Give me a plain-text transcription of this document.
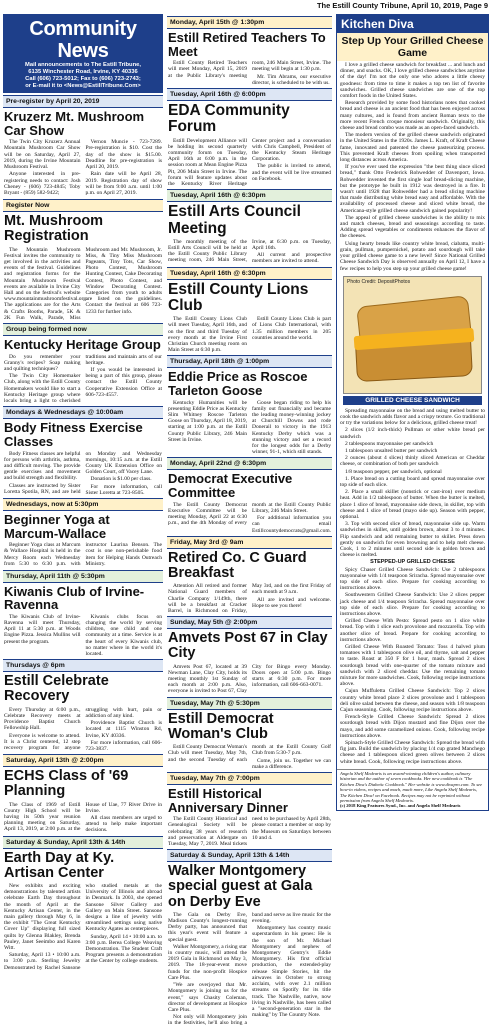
The Estill County Tribune, April 10, 2019, Page 9
Community News

Mail announcements to The Estill Tribune,

6135 Winchester Road, Irvine, KY 40336

Call (606) 723-5012; Fax to (606) 723-2743;

or E-mail it to <News@EstillTribune.Com>

Pre-register by April 20, 2019
Kruzerz Mt. Mushroom Car Show

The Twin City Kruzerz Annual Mountain Mushroom Car Show will be on Saturday, April 27, 2019, during the Irvine Mountain Mushroom Festival.

Anyone interested in pre-registering needs to contact: Josh Cheney - (606) 723-4845; Toby Bryant - (859) 582-9422;

Vernon Muncie - 723-7289. Pre-registration is $10. Cost the day of the show is $15.00. Deadline for pre-registration is April 20, 2019.

Rain date will be April 28, 2019. Registration day of show will be from 9:00 a.m. until 1:00 p.m. on April 27, 2019.

Register Now
Mt. Mushroom Registration

The Mountain Mushroom Festival invites the community to get involved in the activities and events of the festival. Guidelines and registration forms for the Mountain Mushroom Festival events are available in Irvine City Hall and on the festival's website www.mountainmushroomfestival.org. The applications are for the Arts & Crafts Booths, Parade, 5K & 2K Fun Walk, Parade, Miss Mushroom and Mr. Mushroom, Jr. Miss, & Tiny Miss Mushroom Pageants, Tiny Tots, Car Show, Photo Contest, Mushroom Hunting Contest, Cake Decorating Contest, Photo Contest, and Window Decorating Contest. Categories from youth to adults are listed on the guidelines. Contact the festival at 606 723-1233 for further info.

Group being formed now
Kentucky Heritage Group

Do you remember your Granny's recipes? Soap making and quilting techniques?

The Twin City Homemaker Club, along with the Estill County Homemakers would like to start a Kentucky Heritage group where locals bring a light to cherished traditions and maintain arts of our heritage.

If you would be interested in being a part of this group, please contact the Estill County Cooperative Extension Office at 606-723-4557.

Mondays & Wednesdays @ 10:00am
Body Fitness Exercise Classes

Body Fitness classes are helpful for persons with arthritis, asthma, and difficult moving. The provide gentle exercises and movement and build strength and flexibility.

Classes are instructed by Sister Loretta Spotila, RN, and are held on Monday and Wednesday mornings, 10:15 a.m. at the Estill County UK Extension Office on Golden Court, off Vacey Lane.

Donation is $1.00 per class.

For more information, call Sister Loretta at 723-8505.

Wednesdays, now at 5:30pm
Beginner Yoga at Marcum-Wallace

Beginner Yoga class at Marcum & Wallace Hospital is held in the Mercy Room each Wednesday from 5:30 to 6:30 p.m. with instructor Laurina Benson. The cost is one non-perishable food item for Helping Hands Outreach Ministry.

Thursday, April 11th @ 5:30pm
Kiwanis Club of Irvine-Ravenna

The Kiwanis Club of Irvine-Ravenna will meet Thursday, April 11 at 5:30 p.m. at Woods Engine Pizza. Jessica Mullins will present the program.

Kiwanis clubs focus on changing the world by serving children, one child and one community at a time. Service is at the heart of every Kiwanis club, no matter where in the world it's located.

Thursdays @ 6pm
Estill Celebrate Recovery

Every Thursday at 6:00 p.m., Celebrate Recovery meets at Providence Baptist Church Fellowship Hall.

Everyone is welcome to attend. It is a Christ centered, 12 step recovery program for anyone struggling with hurt, pain or addiction of any kind.

Providence Baptist Church is located at 1115 Winston Rd, Irvine, KY 40336.

For more information, call 606-723-3837.

Saturday, April 13th @ 2:00pm
ECHS Class of '69 Planning

The Class of 1969 of Estill County High School will be having its 50th year reunion planning meeting on Saturday, April 13, 2019, at 2:00 p.m. at the House of Uae, 77 River Drive in Irvine.

All class members are urged to attend to help make important decisions.

Saturday & Sunday, April 13th & 14th
Earth Day at Ky. Artisan Center

New exhibits and exciting demonstrations by talented artists celebrate Earth Day throughout the month of April at the Kentucky Artisan Center, in the main gallery through May 6, in the exhibit "The Great Kentucky Cover Up" displaying full sized quilts by Glenna Blakley, Brenda Pauley, Janet Seeimbo and Karen Witt.

Saturday, April 13 • 10:00 a.m. to 3:00 p.m. Sterling Jewelry Demonstrated by Rachel Sansone who studied metals at the University of Illinois and abroad in Denmark. In 2003, she opened Sansone Silver Gallery and Gallery on Main Street. Sansone designs a line of jewelry with streamlined settings using native Kentucky Agates as centerpieces.

Sunday, April 14 • 10:00 a.m. to 3:00 p.m. Berea College Weaving Demonstration. The Student Craft Program presents a demonstration at the Center by college students.

Monday, April 15th @ 1:30pm
Estill Retired Teachers To Meet

Estill County Retired Teachers will meet Monday, April 15, 2019 at the Public Library's meeting room, 246 Main Street, Irvine. The meeting will begin at 1:30 p.m.

Mr. Tim Abrams, our executive director, is scheduled to be with us.

Tuesday, April 16th @ 6:00pm
EDA Community Forum

Estill Development Alliance will be holding its second quarterly community forum on Tuesday, April 16th at 6:00 p.m. in the session room at Mean Engine Pizza Pit, 206 Main Street in Irvine. The forum will feature updates about the Kentucky River Heritage Center project and a conversation with Chris Campbell, President of the Kentucky Steam Heritage Corporation.

The public is invited to attend, and the event will be live streamed on Facebook.

Tuesday, April 16th @ 6:30pm
Estill Arts Council Meeting

The monthly meeting of the Estill Arts Council will be held at the Estill County Public Library meeting room, 246 Main Street, Irvine, at 6:30 p.m. on Tuesday, April 16th.

All current and prospective members are invited to attend.

Tuesday, April 16th @ 6:30pm
Estill County Lions Club

The Estill County Lions Club will meet Tuesday, April 16th, and on the first and third Tuesday of every month at the Irvine First Christian Church meeting room on Main Street at 6:30 p.m.

Estill County Lions Club is part of Lions Club International, with 1.35 million members in 205 countries around the world.

Thursday, April 18th @ 1:00pm
Eddie Price as Roscoe Tarleton Goose

Kentucky Humanities will be presenting Eddie Price as Kentucky Slim Whitney Roscoe Tarleton Goose on Thursday, April 18, 2019, starting at 1:00 p.m. at the Estill County Public Library, 246 Main Street in Irvine.

Goose began riding to help his family out financially and became the leading money-winning jockey at Churchill Downs and rode Donerail to victory in the 1913 Kentucky Derby which was a stunning victory and set a record for the longest odds for a Derby winner, 91-1, which still stands.

Monday, April 22nd @ 6:30pm
Democrat Executive Committee

The Estill County Democrat Executive Committee will be meeting Monday, April 22 at 6:30 p.m., and the 4th Monday of every month at the Estill County Public Library, 246 Main Street.

For additional information you can email Estillcountydemocrats@gmail.com.

Friday, May 3rd @ 9am
Retired Co. C Guard Breakfast

Attention All retired and former National Guard members of Charlie Company 1/149th, there will be a breakfast at Cracker Barrel, in Richmond on Friday, May 3rd, and on the first Friday of each month at 9 a.m.

All are invited and welcome. Hope to see you there!

Sunday, May 5th @ 2:00pm
Amvets Post 67 in Clay City

Amvets Post 67, located at 39 Newman Lane, Clay City, holds its meeting monthly 1st Sunday of each month at 2:00 p.m. Also, everyone is invited to Post 67, Clay City for Bingo every Monday. Doors open at 5:00 p.m. Bingo starts at 6:30 p.m. For more information, call 606-663-0071.

Tuesday, May 7th @ 5:30pm
Estill Democrat Woman's Club

Estill County Democrat Woman's Club will meet Tuesday, May 7th, and the second Tuesday of each month at the Estill County Golf Club from 5:30-7 p.m.

Come, join us. Together we can make a difference.

Tuesday, May 7th @ 7:00pm
Estill Historical Anniversary Dinner

The Estill County Historical and Genealogical Society will be celebrating 38 years of research and preservation at Aldergate on Tuesday, May 7, 2019. Meal tickets need to be purchased by April 28th, please contact a member or stop by the Museum on Saturdays between 10 and 4.

Saturday & Sunday, April 13th & 14th
Walker Montgomery special guest at Gala on Derby Eve

The Gala on Derby Eve, Madison County's longest-running Derby party, has announced that this year's event will feature a special guest.

Walker Montgomery, a rising star in country music, will attend the 2019 Gala in Richmond on May 3, 2019. The 18-year-event move funds for the non-profit Hospice Care Plus.

"We are overjoyed that Mr. Montgomery is joining us for the event," says Chasity Coleman, director of development at Hospice Care Plus.

Not only will Montgomery join in the festivities, he'll also bring a band and serve as live music for the evening.

Montgomery has country music superstardom in his genes: He is the son of Mr. Michael Montgomery and nephew of Montgomery Gentry's Eddie Montgomery. His first official production, the extended-play release Simple Stories, hit the airwaves in October to strong acclaim, with over 2.1 million streams on Spotify for its title track. The Nashville, native, now living in Nashville, has been called a "second-generation star in the making" by The Country Note.

Kitchen Diva
Step Up Your Grilled Cheese Game

I love a grilled cheese sandwich for breakfast ... and lunch and dinner, and snacks. OK, I love grilled cheese sandwiches anytime of the day! I'm not the only one who adores a little cheesy goodness: from time to time it makes a top ten list of favorite sandwiches. Grilled cheese sandwiches are one of the top comfort foods in the United States.

Research provided by some food historians notes that cooked bread and cheese is an ancient food that has been enjoyed across many cultures, and is found from ancient Roman texts to the more recent French croque monsieur sandwich. Originally, this cheese and bread combo was made as an open-faced sandwich.

The modern version of the grilled cheese sandwich originated in the United States in the 1920s. James L. Kraft, of Kraft Cheese fame, innovated and patented the cheese pasteurizing process. This prevented Kraft cheeses from spoiling when transported long distances across America.

If you've ever used the expression "the best thing since sliced bread," thank Otto Frederick Rohwedder of Davenport, Iowa. Rohwedder invented the first single loaf bread-slicing machine, but the prototype he built in 1912 was destroyed in a fire. It wasn't until 1928 that Rohwedder had a bread slicing machine that made distributing white bread easy and affordable. With the availability of processed cheese and sliced white bread, the Americana-style grilled cheese sandwich gained popularity!

The appeal of grilled cheese sandwiches is the ability to mix and match cheeses, bread and seasonings according to taste. Adding spread vegetables or condiments enhances the flavor of the cheeses.

Using hearty breads like country white bread, ciabatta, multi-grain, pullman, pumpernickel, potato and sourdough will take your grilled cheese game to a new level! Since National Grilled Cheese Sandwich Day is observed annually on April 12, I have a few recipes to help you step up your grilled cheese game!

Photo Credit: DepositPhotos
GRILLED CHEESE SANDWICH

Spreading mayonnaise on the bread and using melted butter to cook the sandwich adds flavor and a crispy texture. Go traditional or try the variations below for a delicious, grilled cheese treat!

2 slices (1/2 inch-thick) Pullman or other white bread per sandwich

2 tablespoons mayonnaise per sandwich

1 tablespoon unsalted butter per sandwich

2 ounces (about 4 slices) thinly sliced American or Cheddar cheese, or combination of both per sandwich

1/8 teaspoon pepper, per sandwich, optional

1. Place bread on a cutting board and spread mayonnaise over top side of each slice.

2. Place a small skillet (nonstick or cast-iron) over medium heat. Add in 1/2 tablespoon of butter. When the butter is melted, place 1 slice of bread, mayonnaise side down, in skillet, top with cheese and 1 slice of bread (mayo side up). Season with pepper, optional.

3. Top with second slice of bread, mayonnaise side up. Warm sandwiches in skillet, until golden brown, about 3 to 4 minutes. Flip sandwich and add remaining butter to skillet. Press down gently on sandwich for even browning and to help melt cheese. Cook, 1 to 2 minutes until second side is golden brown and cheese is melted.

STEPPED-UP GRILLED CHEESE

Spicy Chaser Grilled Cheese Sandwich: Use 2 tablespoons mayonnaise with 1/4 teaspoon Sriracha. Spread mayonnaise over top side of each slice. Prepare for cooking according to instructions above.

Southwestern Grilled Cheese Sandwich: Use 2 slices pepper jack cheese and 1/4 teaspoon Sriracha. Spread mayonnaise over top side of each slice. Prepare for cooking according to instructions above.

Grilled Cheese With Pesto: Spread pesto on 1 slice white bread. Top with 1 slice each provolone and mozzarella. Top with another slice of bread. Prepare for cooking according to instructions above.

Grilled Cheese With Roasted Tomato: Toss 4 halved plum tomatoes with 1 tablespoon olive oil, and thyme, salt and pepper to taste. Roast at 350 F for 1 hour, mash. Spread 2 slices sourdough bread with one-quarter of the tomato mixture and sandwich with 2 sliced cheddar. Use the remaining tomato mixture for more sandwiches. Cook, following recipe instructions above.

Cajun Muffuletta Grilled Cheese Sandwich: Top 2 slices country white bread place 2 slices provolone and 1 tablespoon deli olive salad between the cheese, and season with 1/8 teaspoon Cajun seasoning. Cook, following recipe instructions above.

French-Style Grilled Cheese Sandwich: Spread 2 slices sourdough bread with Dijon mustard and fine Dijon over the mayo, and add some caramelized onions. Cook, following recipe instructions above.

Spinach-Style Grilled Cheese Sandwich: Spread the bread with fig jam. Build the sandwich by placing 1/4 cup grated Manchego cheese and 1 tablespoon sliced green olives between 2 slices white bread. Cook, following recipe instructions above.

Angela Shelf Medearis is an award-winning children's author, culinary historian and the author of seven cookbooks. Her new cookbook is "The Kitchen Diva's Diabetic Cookbook." Her website is www.divapro.com. To see how-to videos, recipes and much, much more, Like Angela Shelf Medearis, The Kitchen Diva! on Facebook. Recipes may not be reprinted without permission from Angela Shelf Medearis.
(c) 2018 King Features Synd., Inc. and Angela Shelf Medearis
